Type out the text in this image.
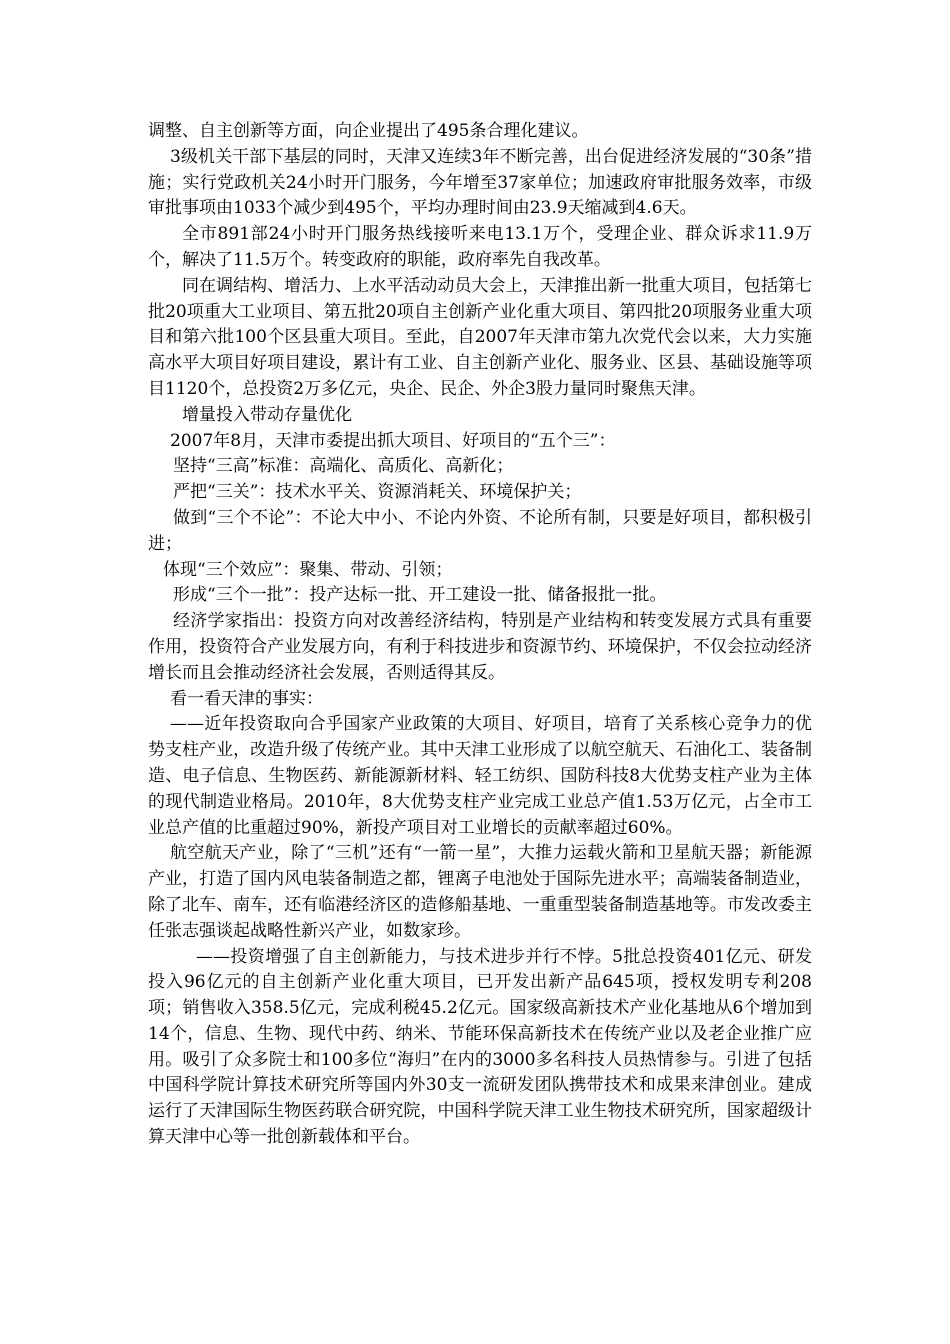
调整、自主创新等方面，向企业提出了495条合理化建议。

3级机关干部下基层的同时，天津又连续3年不断完善，出台促进经济发展的“30条”措施；实行党政机关24小时开门服务，今年增至37家单位；加速政府审批服务效率，市级审批事项由1033个减少到495个，平均办理时间由23.9天缩减到4.6天。

全市891部24小时开门服务热线接听来电13.1万个，受理企业、群众诉求11.9万个，解决了11.5万个。转变政府的职能，政府率先自我改革。

同在调结构、增活力、上水平活动动员大会上，天津推出新一批重大项目，包括第七批20项重大工业项目、第五批20项自主创新产业化重大项目、第四批20项服务业重大项目和第六批100个区县重大项目。至此，自2007年天津市第九次党代会以来，大力实施高水平大项目好项目建设，累计有工业、自主创新产业化、服务业、区县、基础设施等项目1120个，总投资2万多亿元，央企、民企、外企3股力量同时聚焦天津。

增量投入带动存量优化

2007年8月，天津市委提出抓大项目、好项目的“五个三”：

坚持“三高”标准：高端化、高质化、高新化；

严把“三关”：技术水平关、资源消耗关、环境保护关；

做到“三个不论”：不论大中小、不论内外资、不论所有制，只要是好项目，都积极引进；

体现“三个效应”：聚集、带动、引领；

形成“三个一批”：投产达标一批、开工建设一批、储备报批一批。

经济学家指出：投资方向对改善经济结构，特别是产业结构和转变发展方式具有重要作用，投资符合产业发展方向，有利于科技进步和资源节约、环境保护，不仅会拉动经济增长而且会推动经济社会发展，否则适得其反。

看一看天津的事实：

——近年投资取向合乎国家产业政策的大项目、好项目，培育了关系核心竞争力的优势支柱产业，改造升级了传统产业。其中天津工业形成了以航空航天、石油化工、装备制造、电子信息、生物医药、新能源新材料、轻工纺织、国防科技8大优势支柱产业为主体的现代制造业格局。2010年，8大优势支柱产业完成工业总产值1.53万亿元，占全市工业总产值的比重超过90%，新投产项目对工业增长的贡献率超过60%。

航空航天产业，除了“三机”还有“一箭一星”，大推力运载火箭和卫星航天器；新能源产业，打造了国内风电装备制造之都，锂离子电池处于国际先进水平；高端装备制造业，除了北车、南车，还有临港经济区的造修船基地、一重重型装备制造基地等。市发改委主任张志强谈起战略性新兴产业，如数家珍。

——投资增强了自主创新能力，与技术进步并行不悖。5批总投资401亿元、研发投入96亿元的自主创新产业化重大项目，已开发出新产品645项，授权发明专利208项；销售收入358.5亿元，完成利税45.2亿元。国家级高新技术产业化基地从6个增加到14个，信息、生物、现代中药、纳米、节能环保高新技术在传统产业以及老企业推广应用。吸引了众多院士和100多位“海归”在内的3000多名科技人员热情参与。引进了包括中国科学院计算技术研究所等国内外30支一流研发团队携带技术和成果来津创业。建成运行了天津国际生物医药联合研究院，中国科学院天津工业生物技术研究所，国家超级计算天津中心等一批创新载体和平台。
